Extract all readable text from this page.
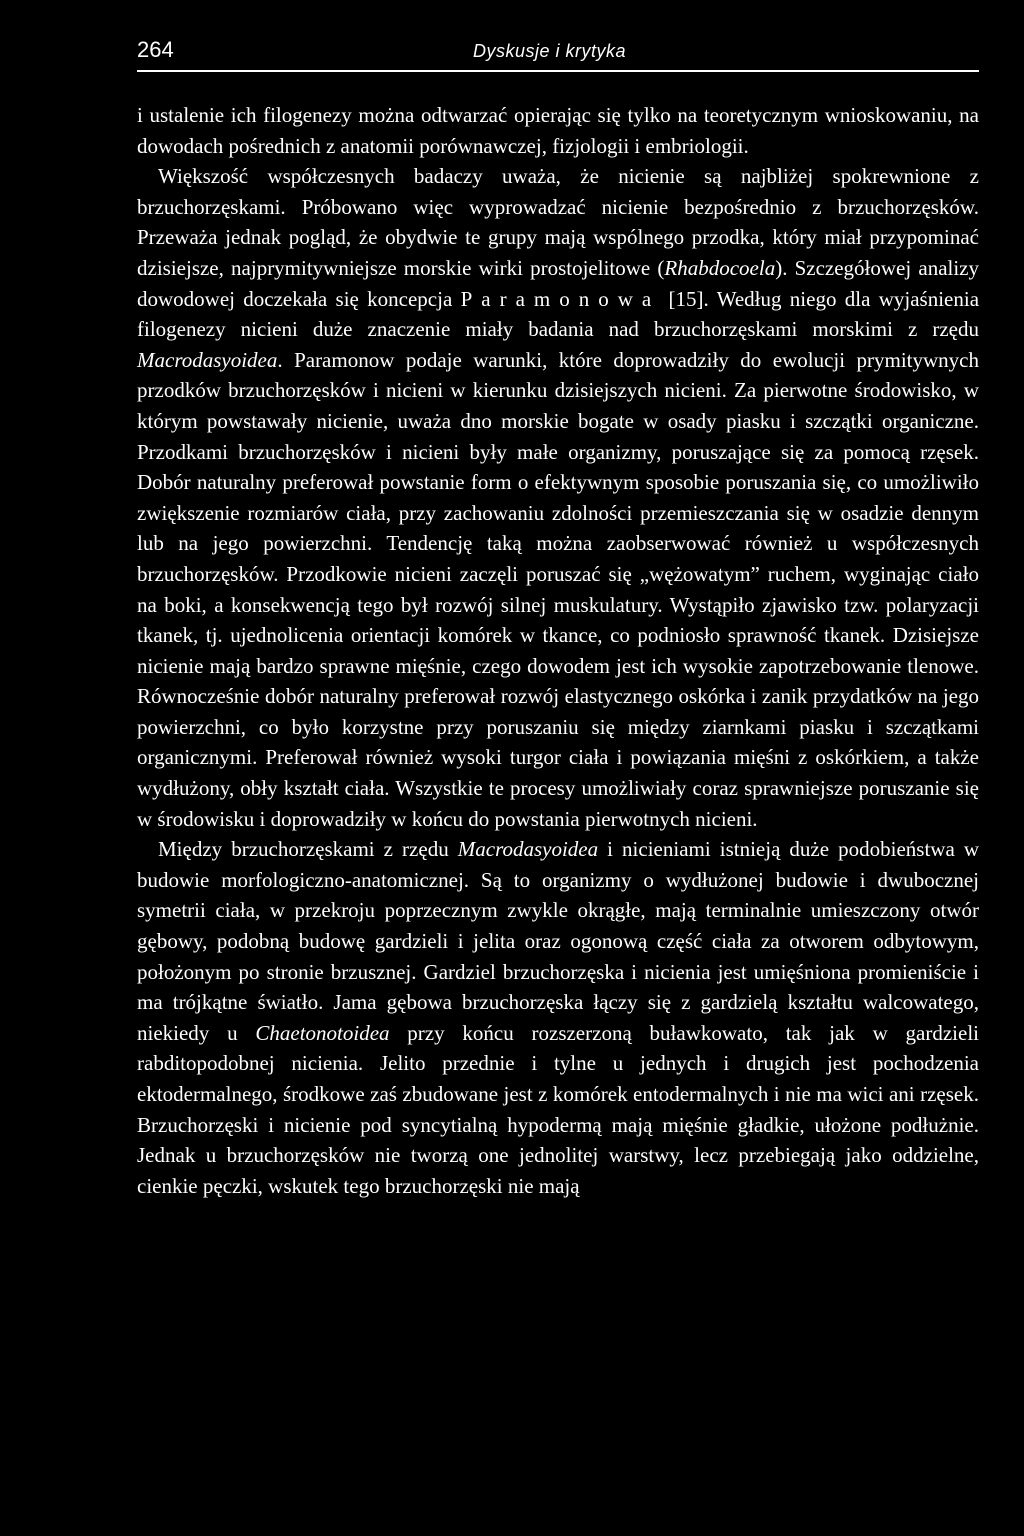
264	Dyskusje i krytyka

i ustalenie ich filogenezy można odtwarzać opierając się tylko na teoretycznym wnioskowaniu, na dowodach pośrednich z anatomii porównawczej, fizjologii i embriologii.

Większość współczesnych badaczy uważa, że nicienie są najbliżej spokrewnione z brzuchorzęskami. Próbowano więc wyprowadzać nicienie bezpośrednio z brzuchorzęsków. Przeważa jednak pogląd, że obydwie te grupy mają wspólnego przodka, który miał przypominać dzisiejsze, najprymitywniejsze morskie wirki prostojelitowe (Rhabdocoela). Szczegółowej analizy dowodowej doczekała się koncepcja Paramonowa [15]. Według niego dla wyjaśnienia filogenezy nicieni duże znaczenie miały badania nad brzuchorzęskami morskimi z rzędu Macrodasyoidea. Paramonow podaje warunki, które doprowadziły do ewolucji prymitywnych przodków brzuchorzęsków i nicieni w kierunku dzisiejszych nicieni. Za pierwotne środowisko, w którym powstawały nicienie, uważa dno morskie bogate w osady piasku i szczątki organiczne. Przodkami brzuchorzęsków i nicieni były małe organizmy, poruszające się za pomocą rzęsek. Dobór naturalny preferował powstanie form o efektywnym sposobie poruszania się, co umożliwiło zwiększenie rozmiarów ciała, przy zachowaniu zdolności przemieszczania się w osadzie dennym lub na jego powierzchni. Tendencję taką można zaobserwować również u współczesnych brzuchorzęsków. Przodkowie nicieni zaczęli poruszać się „wężowatym” ruchem, wyginając ciało na boki, a konsekwencją tego był rozwój silnej muskulatury. Wystąpiło zjawisko tzw. polaryzacji tkanek, tj. ujednolicenia orientacji komórek w tkance, co podniosło sprawność tkanek. Dzisiejsze nicienie mają bardzo sprawne mięśnie, czego dowodem jest ich wysokie zapotrzebowanie tlenowe. Równocześnie dobór naturalny preferował rozwój elastycznego oskórka i zanik przydatków na jego powierzchni, co było korzystne przy poruszaniu się między ziarnkami piasku i szczątkami organicznymi. Preferował również wysoki turgor ciała i powiązania mięśni z oskórkiem, a także wydłużony, obły kształt ciała. Wszystkie te procesy umożliwiały coraz sprawniejsze poruszanie się w środowisku i doprowadziły w końcu do powstania pierwotnych nicieni.

Między brzuchorzęskami z rzędu Macrodasyoidea i nicieniami istnieją duże podobieństwa w budowie morfologiczno-anatomicznej. Są to organizmy o wydłużonej budowie i dwubocznej symetrii ciała, w przekroju poprzecznym zwykle okrągłe, mają terminalnie umieszczony otwór gębowy, podobną budowę gardzieli i jelita oraz ogonową część ciała za otworem odbytowym, położonym po stronie brzusznej. Gardziel brzuchorzęska i nicienia jest umięśniona promieniście i ma trójkątne światło. Jama gębowa brzuchorzęska łączy się z gardzielą kształtu walcowatego, niekiedy u Chaetonotoidea przy końcu rozszerzoną buławkowato, tak jak w gardzieli rabditopodobnej nicienia. Jelito przednie i tylne u jednych i drugich jest pochodzenia ektodermalnego, środkowe zaś zbudowane jest z komórek entodermalnych i nie ma wici ani rzęsek. Brzuchorzęski i nicienie pod syncytialną hypodermą mają mięśnie gładkie, ułożone podłużnie. Jednak u brzuchorzęsków nie tworzą one jednolitej warstwy, lecz przebiegają jako oddzielne, cienkie pęczki, wskutek tego brzuchorzęski nie mają
